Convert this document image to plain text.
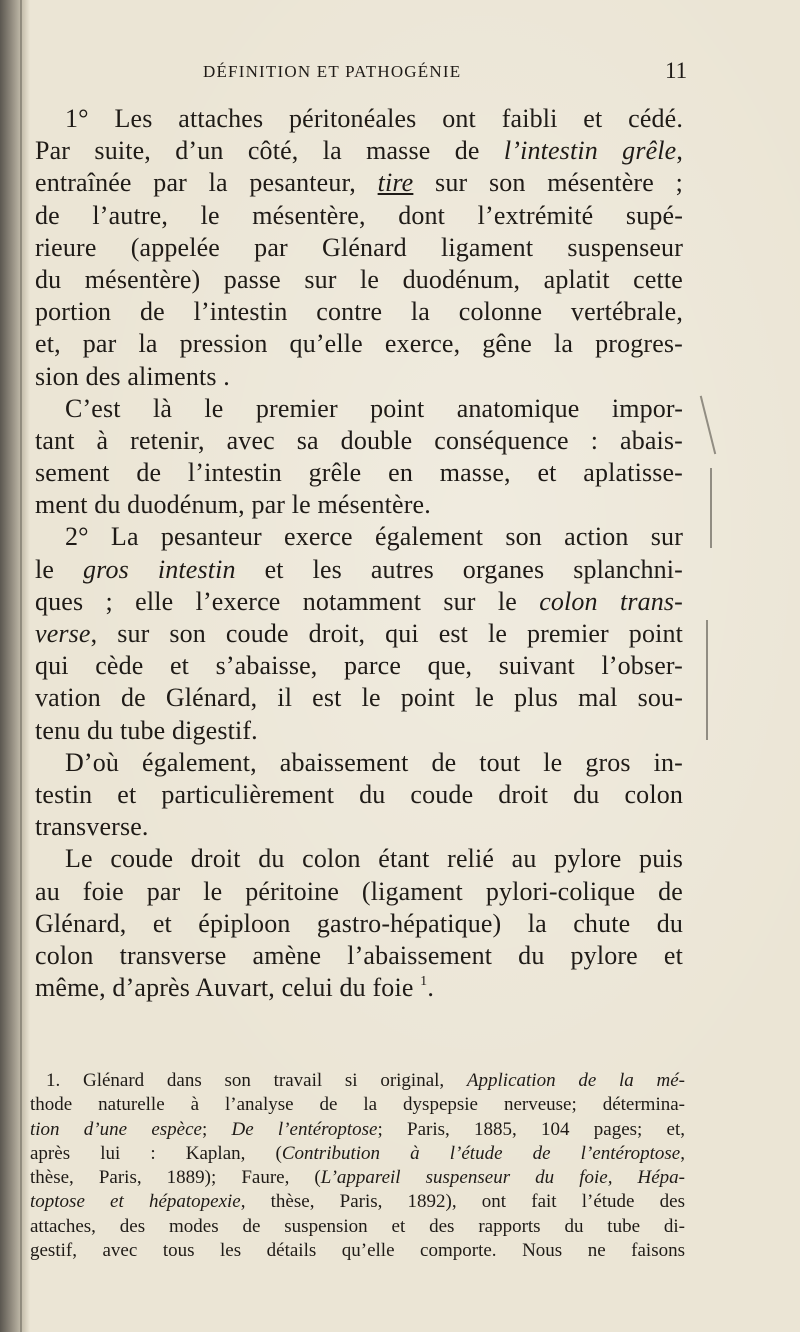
DÉFINITION ET PATHOGÉNIE	11
1° Les attaches péritonéales ont faibli et cédé.
Par suite, d’un côté, la masse de l’intestin grêle,
entraînée par la pesanteur, tire sur son mésentère ;
de l’autre, le mésentère, dont l’extrémité supé-
rieure (appelée par Glénard ligament suspenseur
du mésentère) passe sur le duodénum, aplatit cette
portion de l’intestin contre la colonne vertébrale,
et, par la pression qu’elle exerce, gêne la progres-
sion des aliments .
C’est là le premier point anatomique impor-
tant à retenir, avec sa double conséquence : abais-
sement de l’intestin grêle en masse, et aplatisse-
ment du duodénum, par le mésentère.
2° La pesanteur exerce également son action sur
le gros intestin et les autres organes splanchni-
ques ; elle l’exerce notamment sur le colon trans-
verse, sur son coude droit, qui est le premier point
qui cède et s’abaisse, parce que, suivant l’obser-
vation de Glénard, il est le point le plus mal sou-
tenu du tube digestif.
D’où également, abaissement de tout le gros in-
testin et particulièrement du coude droit du colon
transverse.
Le coude droit du colon étant relié au pylore puis
au foie par le péritoine (ligament pylori-colique de
Glénard, et épiploon gastro-hépatique) la chute du
colon transverse amène l’abaissement du pylore et
même, d’après Auvart, celui du foie $^1$.
1. Glénard dans son travail si original, Application de la mé-
thode naturelle à l’analyse de la dyspepsie nerveuse; détermina-
tion d’une espèce; De l’entéroptose; Paris, 1885, 104 pages; et,
après lui : Kaplan, (Contribution à l’étude de l’entéroptose,
thèse, Paris, 1889); Faure, (L’appareil suspenseur du foie, Hépa-
toptose et hépatopexie, thèse, Paris, 1892), ont fait l’étude des
attaches, des modes de suspension et des rapports du tube di-
gestif, avec tous les détails qu’elle comporte. Nous ne faisons
